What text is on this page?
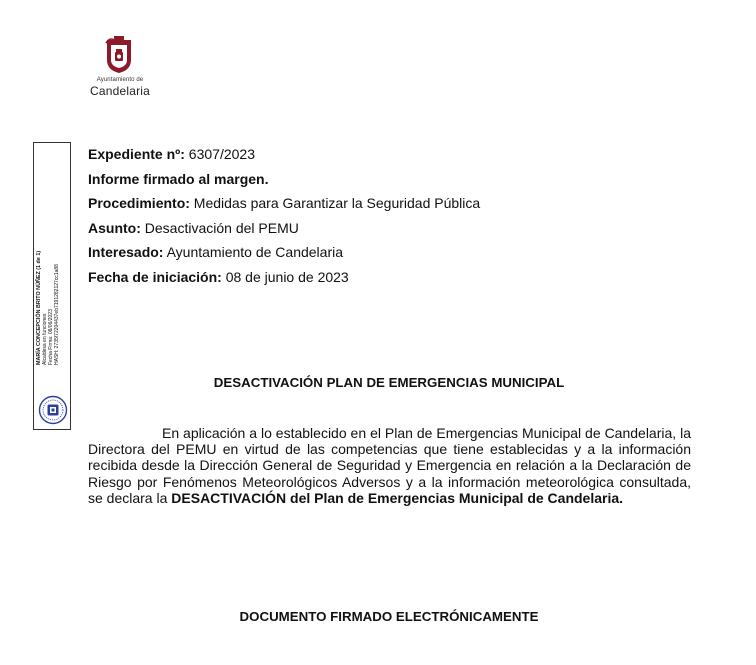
Ayuntamiento de
Candelaria
MARÍA CONCEPCIÓN BRITO NÚÑEZ (1 de 1) Alcaldesa en funciones Fecha Firma: 08/06/2023 HASH: 2735f72204437eb7191282127cc1a88
Expediente nº: 6307/2023
Informe firmado al margen.
Procedimiento: Medidas para Garantizar la Seguridad Pública
Asunto: Desactivación del PEMU
Interesado: Ayuntamiento de Candelaria
Fecha de iniciación: 08 de junio de 2023
DESACTIVACIÓN PLAN DE EMERGENCIAS MUNICIPAL
En aplicación a lo establecido en el Plan de Emergencias Municipal de Candelaria, la Directora del PEMU en virtud de las competencias que tiene establecidas y a la información recibida desde la Dirección General de Seguridad y Emergencia en relación a la Declaración de Riesgo por Fenómenos Meteorológicos Adversos y a la información meteorológica consultada, se declara la DESACTIVACIÓN del Plan de Emergencias Municipal de Candelaria.
DOCUMENTO FIRMADO ELECTRÓNICAMENTE
